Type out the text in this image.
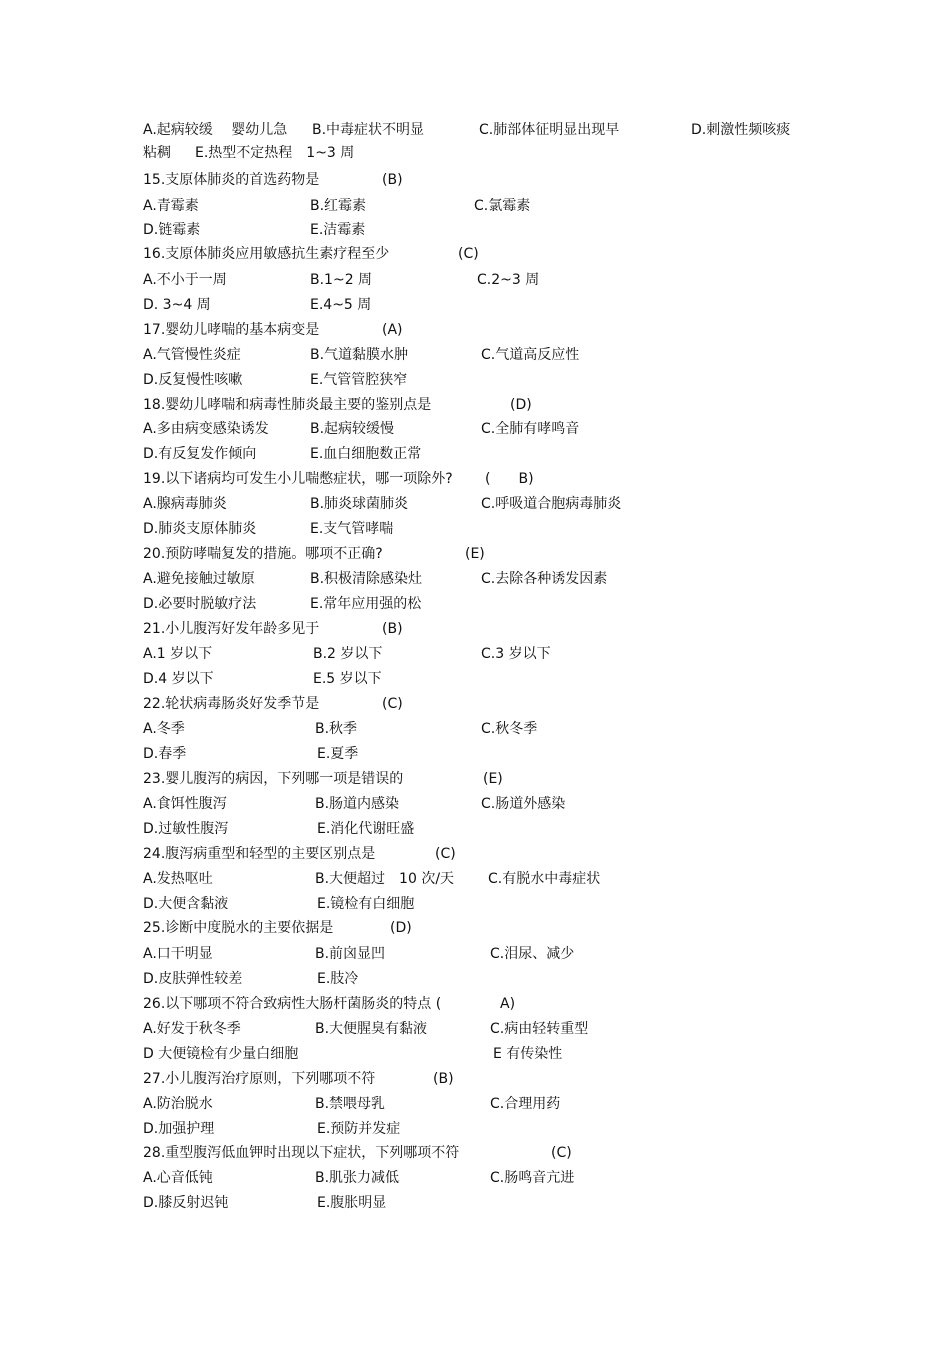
A.起病较缓　 婴幼儿急 B.中毒症状不明显	C.肺部体征明显出现早	D.刺激性频咳痰
粘稠 E.热型不定热程　1~3 周
15.支原体肺炎的首选药物是	(B)
A.青霉素	B.红霉素	C.氯霉素
D.链霉素	E.洁霉素
16.支原体肺炎应用敏感抗生素疗程至少	(C)
A.不小于一周	B.1~2 周	C.2~3 周
D. 3~4 周	E.4~5 周
17.婴幼儿哮喘的基本病变是	(A)
A.气管慢性炎症	B.气道黏膜水肿	C.气道高反应性
D.反复慢性咳嗽	E.气管管腔狭窄
18.婴幼儿哮喘和病毒性肺炎最主要的鉴别点是	(D)
A.多由病变感染诱发	B.起病较缓慢	C.全肺有哮鸣音
D.有反复发作倾向	E.血白细胞数正常
19.以下诸病均可发生小儿喘憋症状，哪一项除外? (　　B)
A.腺病毒肺炎	B.肺炎球菌肺炎	C.呼吸道合胞病毒肺炎
D.肺炎支原体肺炎	E.支气管哮喘
20.预防哮喘复发的措施。哪项不正确?	(E)
A.避免接触过敏原	B.积极清除感染灶	C.去除各种诱发因素
D.必要时脱敏疗法	E.常年应用强的松
21.小儿腹泻好发年龄多见于	(B)
A.1 岁以下	B.2 岁以下	C.3 岁以下
D.4 岁以下	E.5 岁以下
22.轮状病毒肠炎好发季节是	(C)
A.冬季	B.秋季	C.秋冬季
D.春季	E.夏季
23.婴儿腹泻的病因，下列哪一项是错误的	(E)
A.食饵性腹泻	B.肠道内感染	C.肠道外感染
D.过敏性腹泻	E.消化代谢旺盛
24.腹泻病重型和轻型的主要区别点是	(C)
A.发热呕吐	B.大便超过　10 次/天 C.有脱水中毒症状
D.大便含黏液	E.镜检有白细胞
25.诊断中度脱水的主要依据是	(D)
A.口干明显	B.前囟显凹	C.泪尿、减少
D.皮肤弹性较差	E.肢冷
26.以下哪项不符合致病性大肠杆菌肠炎的特点 (	A)
A.好发于秋冬季	B.大便腥臭有黏液	C.病由轻转重型
D 大便镜检有少量白细胞	E 有传染性
27.小儿腹泻治疗原则，下列哪项不符	(B)
A.防治脱水	B.禁喂母乳	C.合理用药
D.加强护理	E.预防并发症
28.重型腹泻低血钾时出现以下症状，下列哪项不符	(C)
A.心音低钝	B.肌张力减低	C.肠鸣音亢进
D.膝反射迟钝	E.腹胀明显
